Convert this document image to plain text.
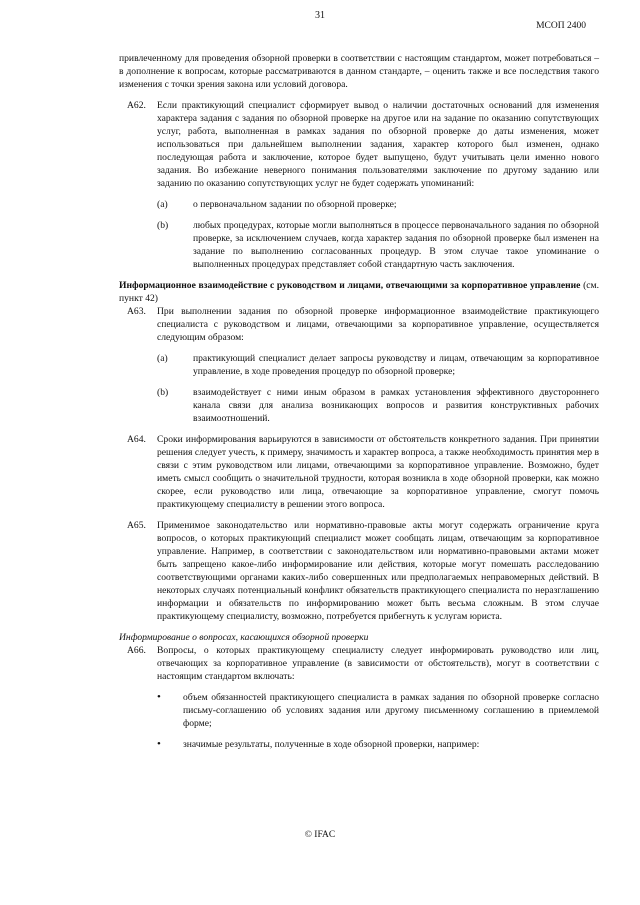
31
МСОП 2400

привлеченному для проведения обзорной проверки в соответствии с настоящим стандартом, может потребоваться – в дополнение к вопросам, которые рассматриваются в данном стандарте, – оценить также и все последствия такого изменения с точки зрения закона или условий договора.

A62. Если практикующий специалист сформирует вывод о наличии достаточных оснований для изменения характера задания с задания по обзорной проверке на другое или на задание по оказанию сопутствующих услуг, работа, выполненная в рамках задания по обзорной проверке до даты изменения, может использоваться при дальнейшем выполнении задания, характер которого был изменен, однако последующая работа и заключение, которое будет выпущено, будут учитывать цели именно нового задания. Во избежание неверного понимания пользователями заключение по другому заданию или заданию по оказанию сопутствующих услуг не будет содержать упоминаний:

(a)	о первоначальном задании по обзорной проверке;

(b)	любых процедурах, которые могли выполняться в процессе первоначального задания по обзорной проверке, за исключением случаев, когда характер задания по обзорной проверке был изменен на задание по выполнению согласованных процедур. В этом случае такое упоминание о выполненных процедурах представляет собой стандартную часть заключения.

Информационное взаимодействие с руководством и лицами, отвечающими за корпоративное управление (см. пункт 42)

A63. При выполнении задания по обзорной проверке информационное взаимодействие практикующего специалиста с руководством и лицами, отвечающими за корпоративное управление, осуществляется следующим образом:

(a)	практикующий специалист делает запросы руководству и лицам, отвечающим за корпоративное управление, в ходе проведения процедур по обзорной проверке;

(b)	взаимодействует с ними иным образом в рамках установления эффективного двустороннего канала связи для анализа возникающих вопросов и развития конструктивных рабочих взаимоотношений.

A64. Сроки информирования варьируются в зависимости от обстоятельств конкретного задания. При принятии решения следует учесть, к примеру, значимость и характер вопроса, а также необходимость принятия мер в связи с этим руководством или лицами, отвечающими за корпоративное управление. Возможно, будет иметь смысл сообщить о значительной трудности, которая возникла в ходе обзорной проверки, как можно скорее, если руководство или лица, отвечающие за корпоративное управление, смогут помочь практикующему специалисту в решении этого вопроса.

A65. Применимое законодательство или нормативно-правовые акты могут содержать ограничение круга вопросов, о которых практикующий специалист может сообщать лицам, отвечающим за корпоративное управление. Например, в соответствии с законодательством или нормативно-правовыми актами может быть запрещено какое-либо информирование или действия, которые могут помешать расследованию соответствующими органами каких-либо совершенных или предполагаемых неправомерных действий. В некоторых случаях потенциальный конфликт обязательств практикующего специалиста по неразглашению информации и обязательств по информированию может быть весьма сложным. В этом случае практикующему специалисту, возможно, потребуется прибегнуть к услугам юриста.

Информирование о вопросах, касающихся обзорной проверки

A66. Вопросы, о которых практикующему специалисту следует информировать руководство или лиц, отвечающих за корпоративное управление (в зависимости от обстоятельств), могут в соответствии с настоящим стандартом включать:

• объем обязанностей практикующего специалиста в рамках задания по обзорной проверке согласно письму-соглашению об условиях задания или другому письменному соглашению в приемлемой форме;

• значимые результаты, полученные в ходе обзорной проверки, например:

© IFAC
